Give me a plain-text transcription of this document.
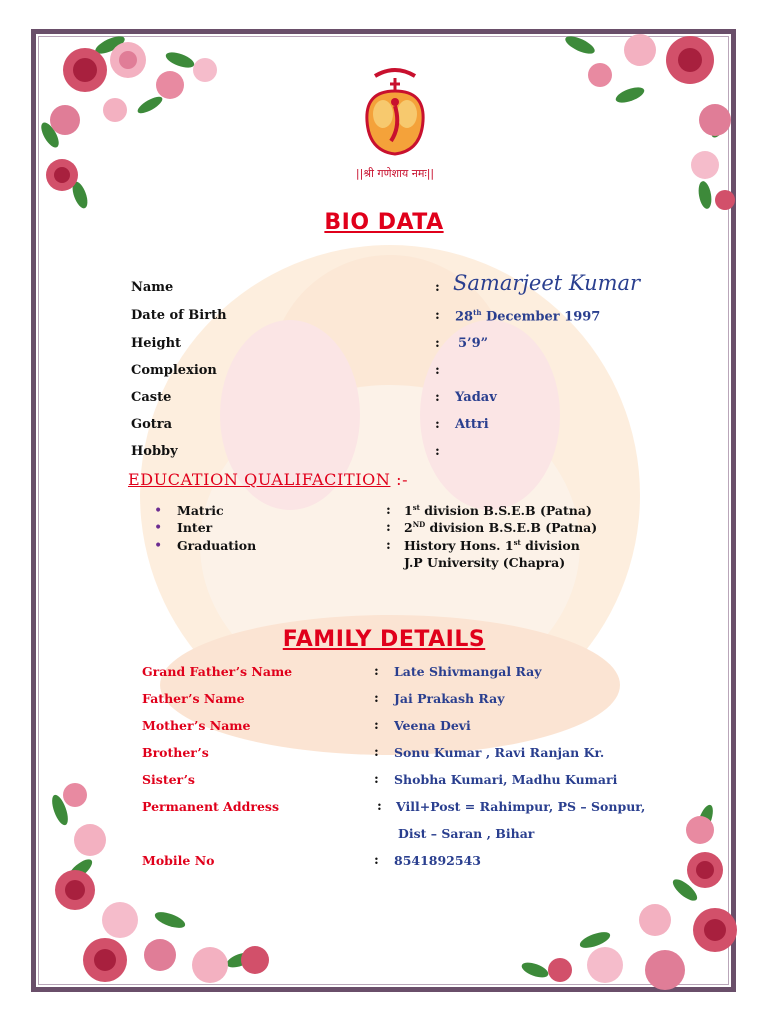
||श्री गणेशाय नमः||
BIO DATA
Name	: Samarjeet Kumar
Date of Birth	: 28th December 1997
Height	: 5’9”
Complexion	:
Caste	: Yadav
Gotra	: Attri
Hobby	:
EDUCATION QUALIFACITION :-
• Matric	: 1st division B.S.E.B (Patna)
• Inter	: 2ND division B.S.E.B (Patna)
• Graduation	: History Hons. 1st division
J.P University (Chapra)
FAMILY DETAILS
Grand Father’s Name	: Late Shivmangal Ray
Father’s Name	: Jai Prakash Ray
Mother’s Name	: Veena Devi
Brother’s	: Sonu Kumar , Ravi Ranjan Kr.
Sister’s	: Shobha Kumari, Madhu Kumari
Permanent Address	: Vill+Post = Rahimpur, PS – Sonpur,
Dist – Saran , Bihar
Mobile No	: 8541892543
